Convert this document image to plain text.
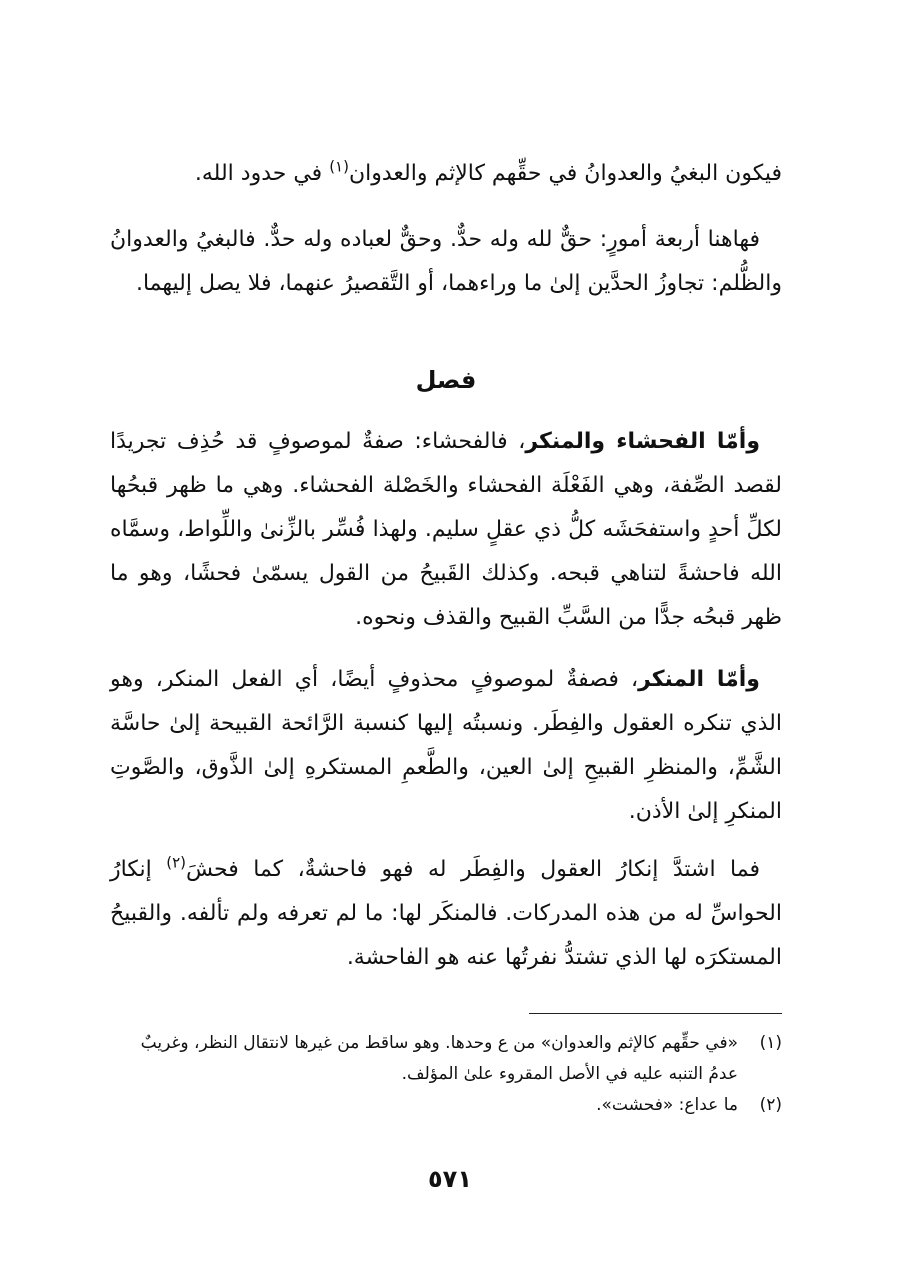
فيكون البغيُ والعدوانُ في حقِّهم كالإثم والعدوان$^{(١)}$ في حدود الله.

فهاهنا أربعة أمورٍ: حقٌّ لله وله حدٌّ. وحقٌّ لعباده وله حدٌّ. فالبغيُ والعدوانُ والظُّلم: تجاوزُ الحدَّين إلىٰ ما وراءهما، أو التَّقصيرُ عنهما، فلا يصل إليهما.

فصل

وأمّا الفحشاء والمنكر، فالفحشاء: صفةٌ لموصوفٍ قد حُذِف تجريدًا لقصد الصِّفة، وهي الفَعْلَة الفحشاء والخَصْلة الفحشاء. وهي ما ظهر قبحُها لكلِّ أحدٍ واستفحَشَه كلُّ ذي عقلٍ سليم. ولهذا فُسِّر بالزِّنىٰ واللِّواط، وسمَّاه الله فاحشةً لتناهي قبحه. وكذلك القَبيحُ من القول يسمّىٰ فحشًا، وهو ما ظهر قبحُه جدًّا من السَّبِّ القبيح والقذف ونحوه.

وأمّا المنكر، فصفةٌ لموصوفٍ محذوفٍ أيضًا، أي الفعل المنكر، وهو الذي تنكره العقول والفِطَر. ونسبتُه إليها كنسبة الرَّائحة القبيحة إلىٰ حاسَّة الشَّمِّ، والمنظرِ القبيحِ إلىٰ العين، والطَّعمِ المستكرهِ إلىٰ الذَّوق، والصَّوتِ المنكرِ إلىٰ الأذن.

فما اشتدَّ إنكارُ العقول والفِطَر له فهو فاحشةٌ، كما فحشَ$^{(٢)}$ إنكارُ الحواسِّ له من هذه المدركات. فالمنكَر لها: ما لم تعرفه ولم تألفه. والقبيحُ المستكرَه لها الذي تشتدُّ نفرتُها عنه هو الفاحشة.

(١)
«في حقِّهم كالإثم والعدوان» من ع وحدها. وهو ساقط من غيرها لانتقال النظر، وغريبٌ عدمُ التنبه عليه في الأصل المقروء علىٰ المؤلف.
(٢)
ما عداع: «فحشت».
٥٧١
